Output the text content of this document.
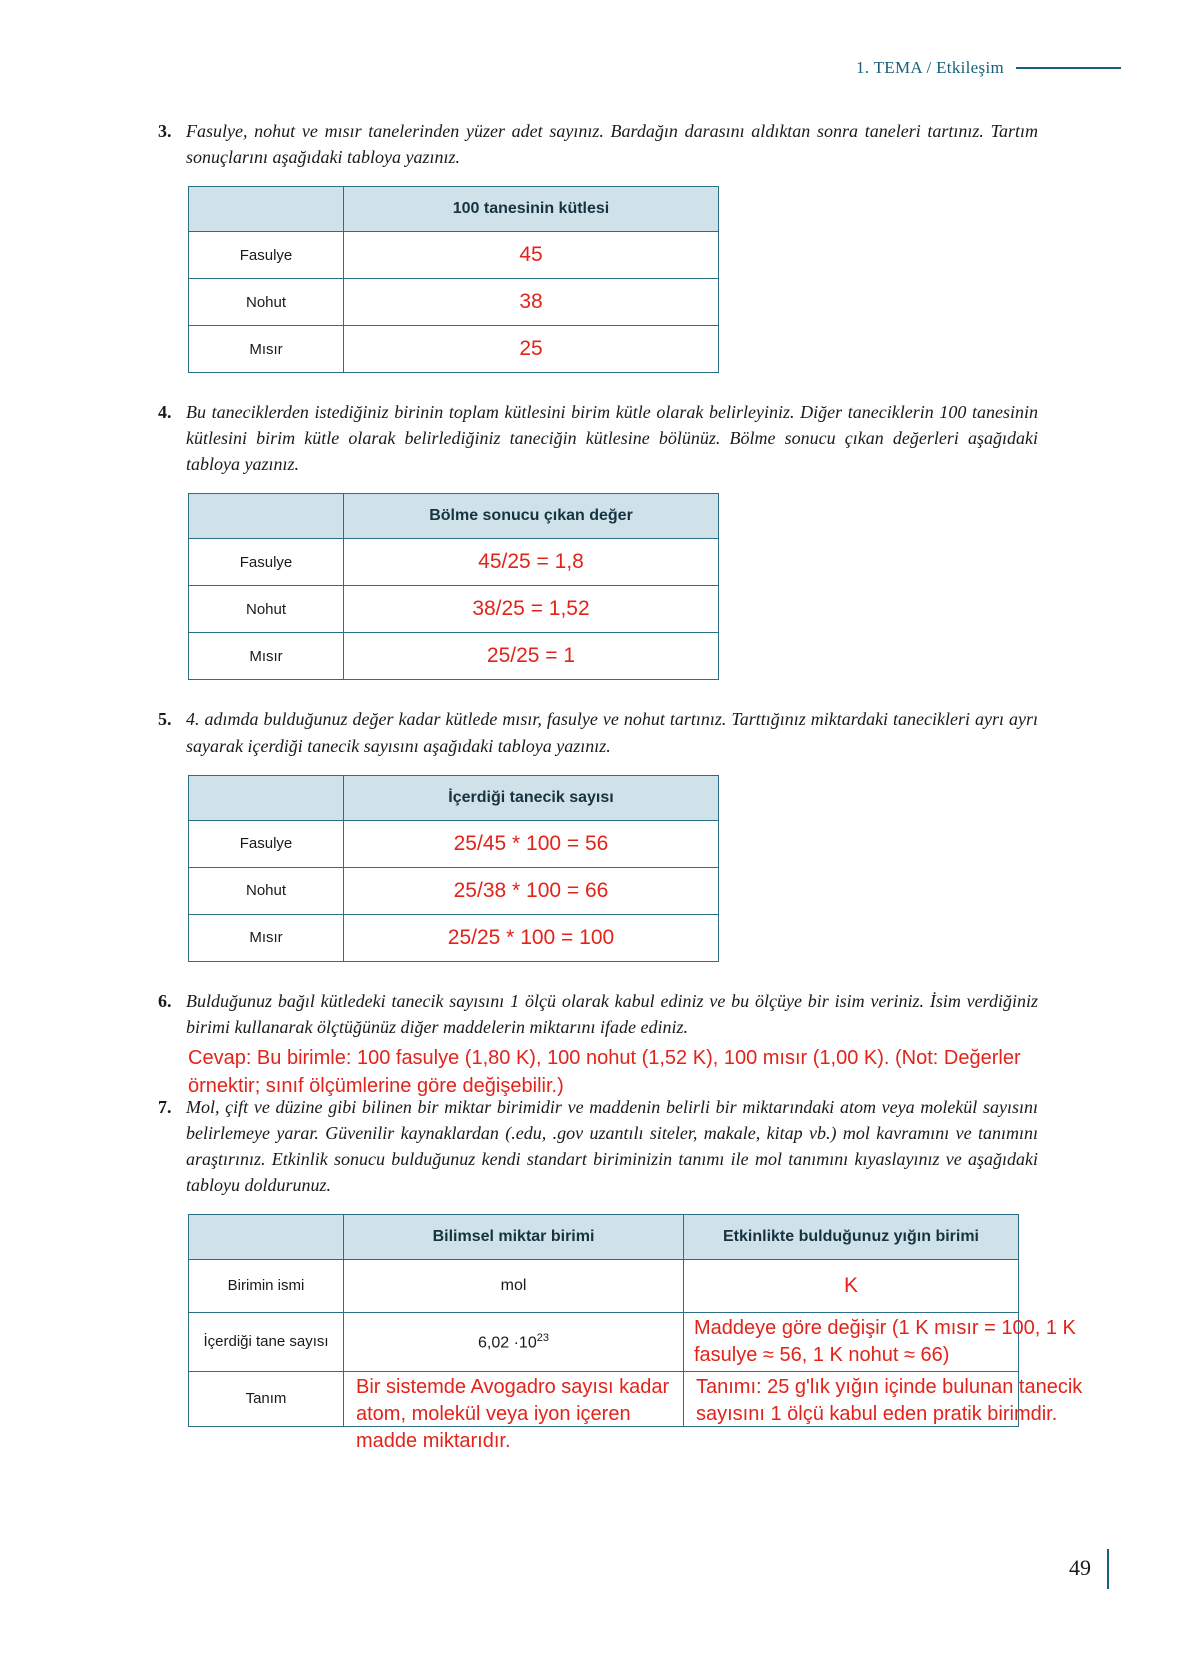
1. TEMA / Etkileşim
3. Fasulye, nohut ve mısır tanelerinden yüzer adet sayınız. Bardağın darasını aldıktan sonra taneleri tartınız. Tartım sonuçlarını aşağıdaki tabloya yazınız.
	100 tanesinin kütlesi
Fasulye	45
Nohut	38
Mısır	25
4. Bu taneciklerden istediğiniz birinin toplam kütlesini birim kütle olarak belirleyiniz. Diğer taneciklerin 100 tanesinin kütlesini birim kütle olarak belirlediğiniz taneciğin kütlesine bölünüz. Bölme sonucu çıkan değerleri aşağıdaki tabloya yazınız.
	Bölme sonucu çıkan değer
Fasulye	45/25 = 1,8
Nohut	38/25 = 1,52
Mısır	25/25 = 1
5. 4. adımda bulduğunuz değer kadar kütlede mısır, fasulye ve nohut tartınız. Tarttığınız miktardaki tanecikleri ayrı ayrı sayarak içerdiği tanecik sayısını aşağıdaki tabloya yazınız.
	İçerdiği tanecik sayısı
Fasulye	25/45 * 100 = 56
Nohut	25/38 * 100 = 66
Mısır	25/25 * 100 = 100
6. Bulduğunuz bağıl kütledeki tanecik sayısını 1 ölçü olarak kabul ediniz ve bu ölçüye bir isim veriniz. İsim verdiğiniz birimi kullanarak ölçtüğünüz diğer maddelerin miktarını ifade ediniz.
Cevap: Bu birimle: 100 fasulye (1,80 K), 100 nohut (1,52 K), 100 mısır (1,00 K). (Not: Değerler örnektir; sınıf ölçümlerine göre değişebilir.)
7. Mol, çift ve düzine gibi bilinen bir miktar birimidir ve maddenin belirli bir miktarındaki atom veya molekül sayısını belirlemeye yarar. Güvenilir kaynaklardan (.edu, .gov uzantılı siteler, makale, kitap vb.) mol kavramını ve tanımını araştırınız. Etkinlik sonucu bulduğunuz kendi standart biriminizin tanımı ile mol tanımını kıyaslayınız ve aşağıdaki tabloyu doldurunuz.
	Bilimsel miktar birimi	Etkinlikte bulduğunuz yığın birimi
Birimin ismi	mol	K
İçerdiği tane sayısı	$6,02 \cdot 10^{23}$	Maddeye göre değişir (1 K mısır = 100, 1 K fasulye ≈ 56, 1 K nohut ≈ 66)

Tanım	Bir sistemde Avogadro sayısı kadar atom, molekül veya iyon içeren madde miktarıdır.	Tanımı: 25 g'lık yığın içinde bulunan tanecik sayısını 1 ölçü kabul eden pratik birimdir.
49
